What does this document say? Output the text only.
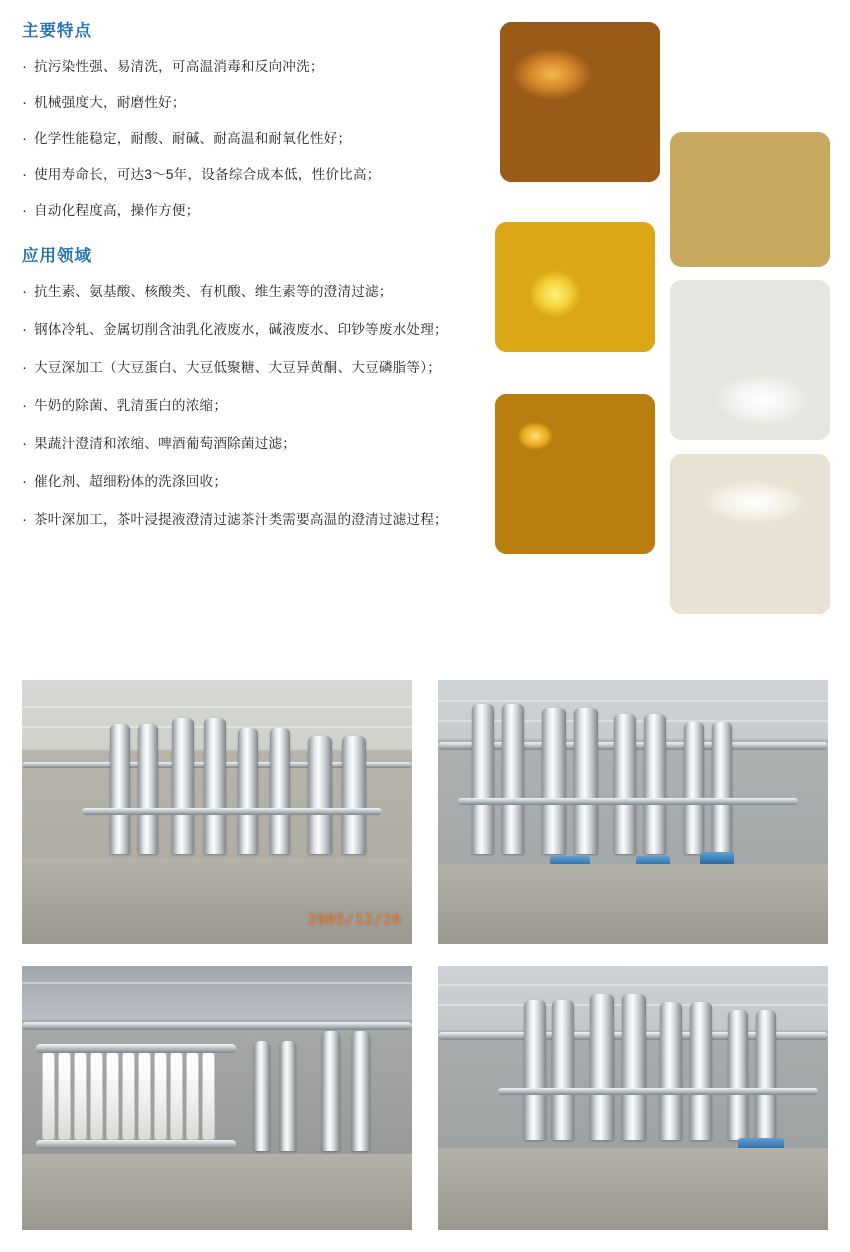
主要特点
· 抗污染性强、易清洗，可高温消毒和反向冲洗；
· 机械强度大，耐磨性好；
· 化学性能稳定，耐酸、耐碱、耐高温和耐氧化性好；
· 使用寿命长，可达3～5年，设备综合成本低，性价比高；
· 自动化程度高，操作方便；
应用领域
· 抗生素、氨基酸、核酸类、有机酸、维生素等的澄清过滤；
· 钢体冷轧、金属切削含油乳化液废水，碱液废水、印钞等废水处理；
· 大豆深加工（大豆蛋白、大豆低聚糖、大豆异黄酮、大豆磷脂等）；
· 牛奶的除菌、乳清蛋白的浓缩；
· 果蔬汁澄清和浓缩、啤酒葡萄酒除菌过滤；
· 催化剂、超细粉体的洗涤回收；
· 茶叶深加工，茶叶浸提液澄清过滤茶汁类需要高温的澄清过滤过程；
2005/12/26
